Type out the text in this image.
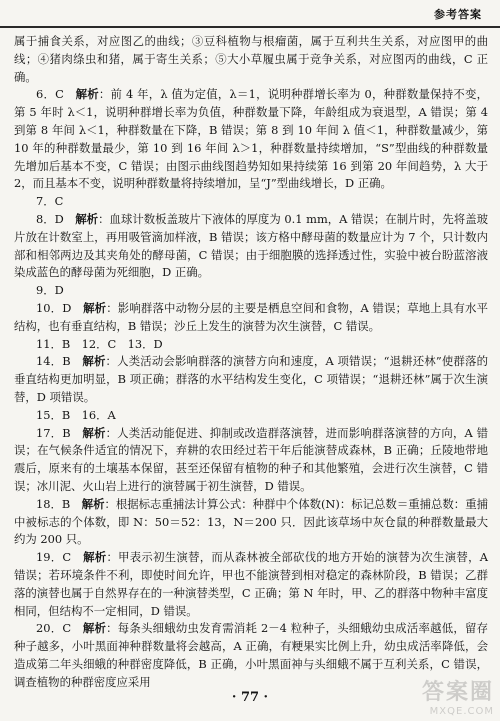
参考答案

属于捕食关系，对应图乙的曲线；③豆科植物与根瘤菌，属于互利共生关系，对应图甲的曲线；④猪肉绦虫和猪，属于寄生关系；⑤大小草履虫属于竞争关系，对应图丙的曲线，C 正确。

6．C　解析：前 4 年，λ 值为定值，λ＝1，说明种群增长率为 0，种群数量保持不变，第 5 年时 λ＜1，说明种群增长率为负值，种群数量下降，年龄组成为衰退型，A 错误；第 4 到第 8 年间 λ＜1，种群数量在下降，B 错误；第 8 到 10 年间 λ 值＜1，种群数量减少，第 10 年的种群数量最少，第 10 到 16 年间 λ＞1，种群数量持续增加，“S”型曲线的种群数量先增加后基本不变，C 错误；由图示曲线图趋势知如果持续第 16 到第 20 年间趋势，λ 大于 2，而且基本不变，说明种群数量将持续增加，呈“J”型曲线增长，D 正确。

7．C

8．D　解析：血球计数板盖玻片下液体的厚度为 0.1 mm，A 错误；在制片时，先将盖玻片放在计数室上，再用吸管滴加样液，B 错误；该方格中酵母菌的数量应计为 7 个，只计数内部和相邻两边及其夹角处的酵母菌，C 错误；由于细胞膜的选择透过性，实验中被台盼蓝溶液染成蓝色的酵母菌为死细胞，D 正确。

9．D

10．D　解析：影响群落中动物分层的主要是栖息空间和食物，A 错误；草地上具有水平结构，也有垂直结构，B 错误；沙丘上发生的演替为次生演替，C 错误。

11．B　12．C　13．D

14．B　解析：人类活动会影响群落的演替方向和速度，A 项错误；“退耕还林”使群落的垂直结构更加明显，B 项正确；群落的水平结构发生变化，C 项错误；“退耕还林”属于次生演替，D 项错误。

15．B　16．A

17．B　解析：人类活动能促进、抑制或改造群落演替，进而影响群落演替的方向，A 错误；在气候条件适宜的情况下，弃耕的农田经过若干年后能演替成森林，B 正确；丘陵地带地震后，原来有的土壤基本保留，甚至还保留有植物的种子和其他繁殖，会进行次生演替，C 错误；冰川泥、火山岩上进行的演替属于初生演替，D 错误。

18．B　解析：根据标志重捕法计算公式：种群中个体数(N)：标记总数＝重捕总数：重捕中被标志的个体数，即 N：50＝52：13，N＝200 只．因此该草场中灰仓鼠的种群数量最大约为 200 只。

19．C　解析：甲表示初生演替，而从森林被全部砍伐的地方开始的演替为次生演替，A 错误；若环境条件不利，即使时间允许，甲也不能演替到相对稳定的森林阶段，B 错误；乙群落的演替也属于自然界存在的一种演替类型，C 正确；第 N 年时，甲、乙的群落中物种丰富度相同，但结构不一定相同，D 错误。

20．C　解析：每条头细蛾幼虫发育需消耗 2－4 粒种子，头细蛾幼虫成活率越低，留存种子越多，小叶黑面神种群数量将会越高，A 正确，有粳果实比例上升，幼虫成活率降低，会造成第二年头细蛾的种群密度降低，B 正确，小叶黑面神与头细蛾不属于互利关系，C 错误，调查植物的种群密度应采用

· 77 ·	答案圈
MXQE.COM
